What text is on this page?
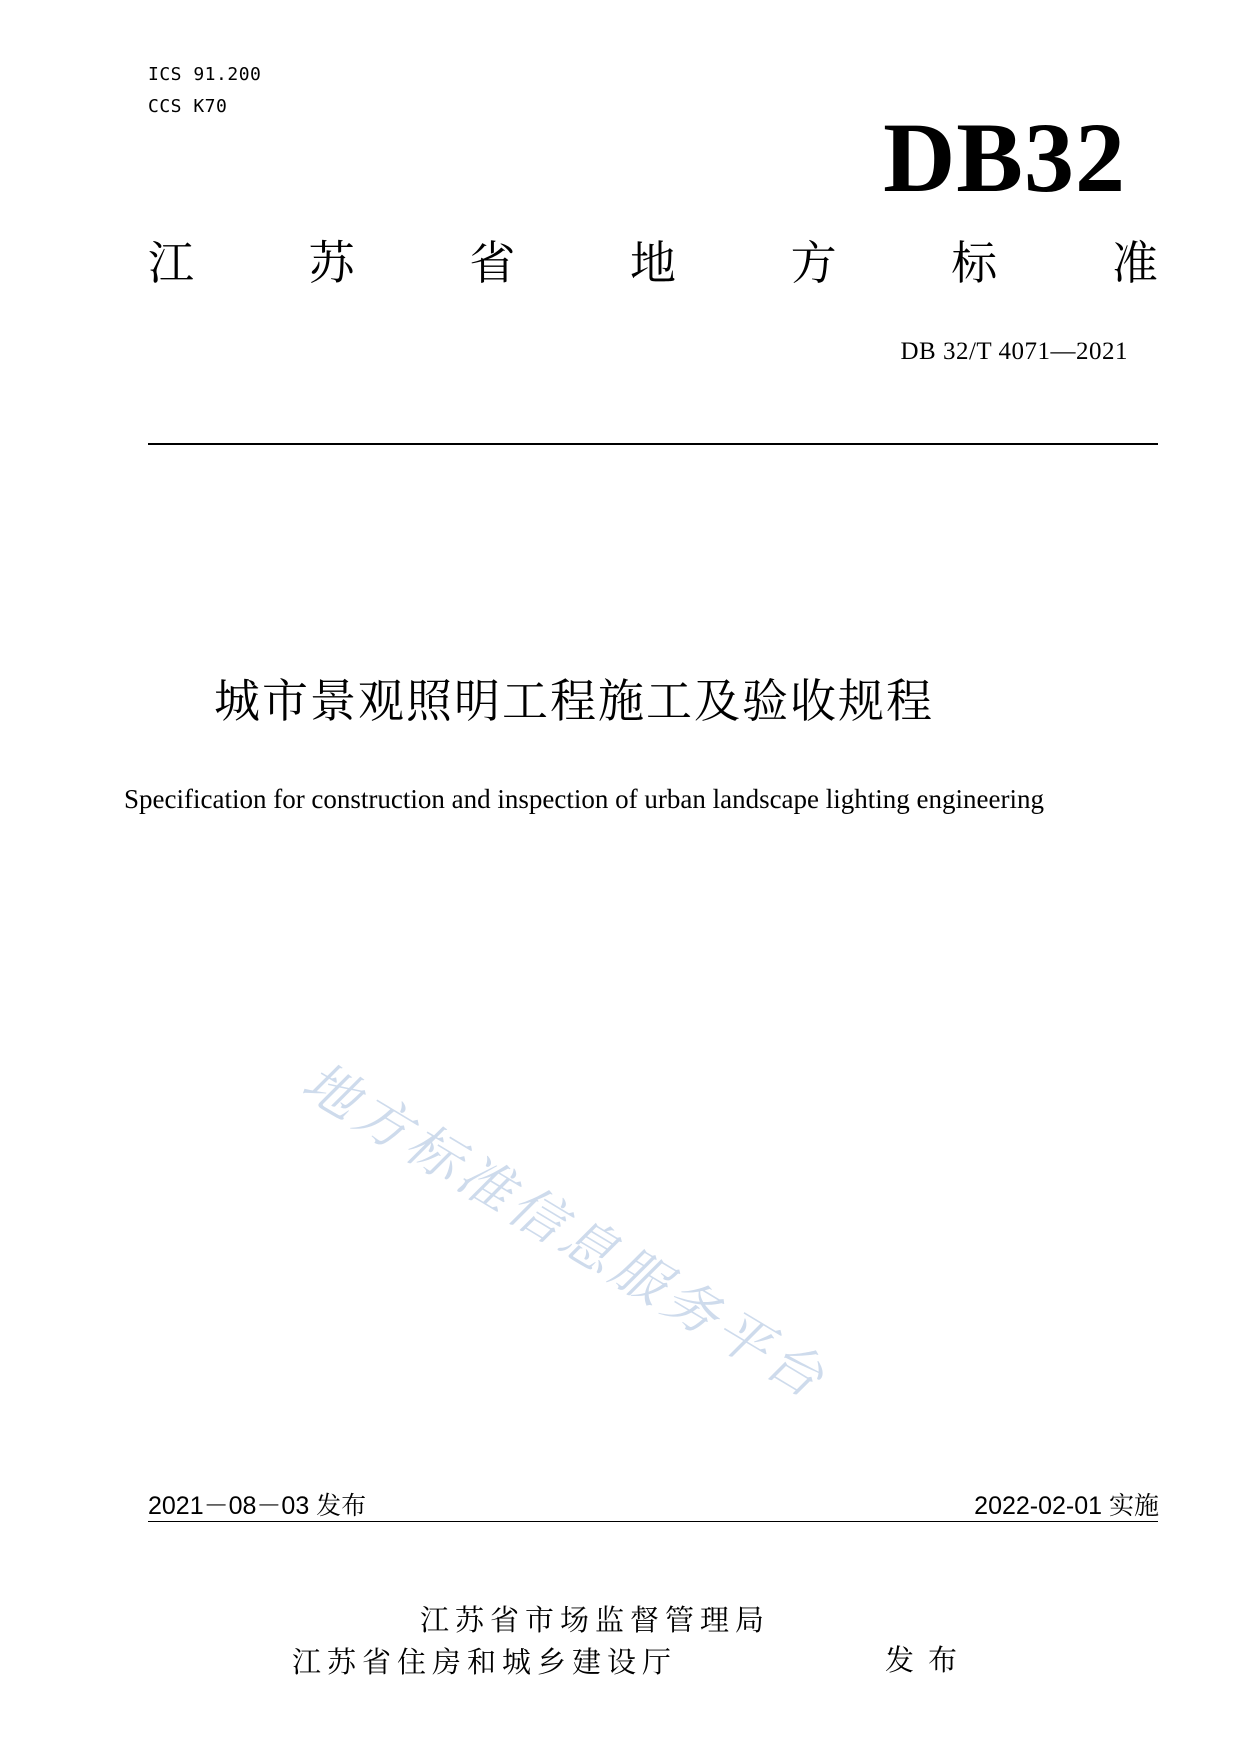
ICS 91.200
CCS K70	DB32
江 苏 省 地 方 标 准
DB 32/T 4071—2021
城市景观照明工程施工及验收规程
Specification for construction and inspection of urban landscape lighting engineering
地方标准信息服务平台
2021－08－03 发布	2022-02-01 实施
江苏省市场监督管理局
江苏省住房和城乡建设厅	发布
